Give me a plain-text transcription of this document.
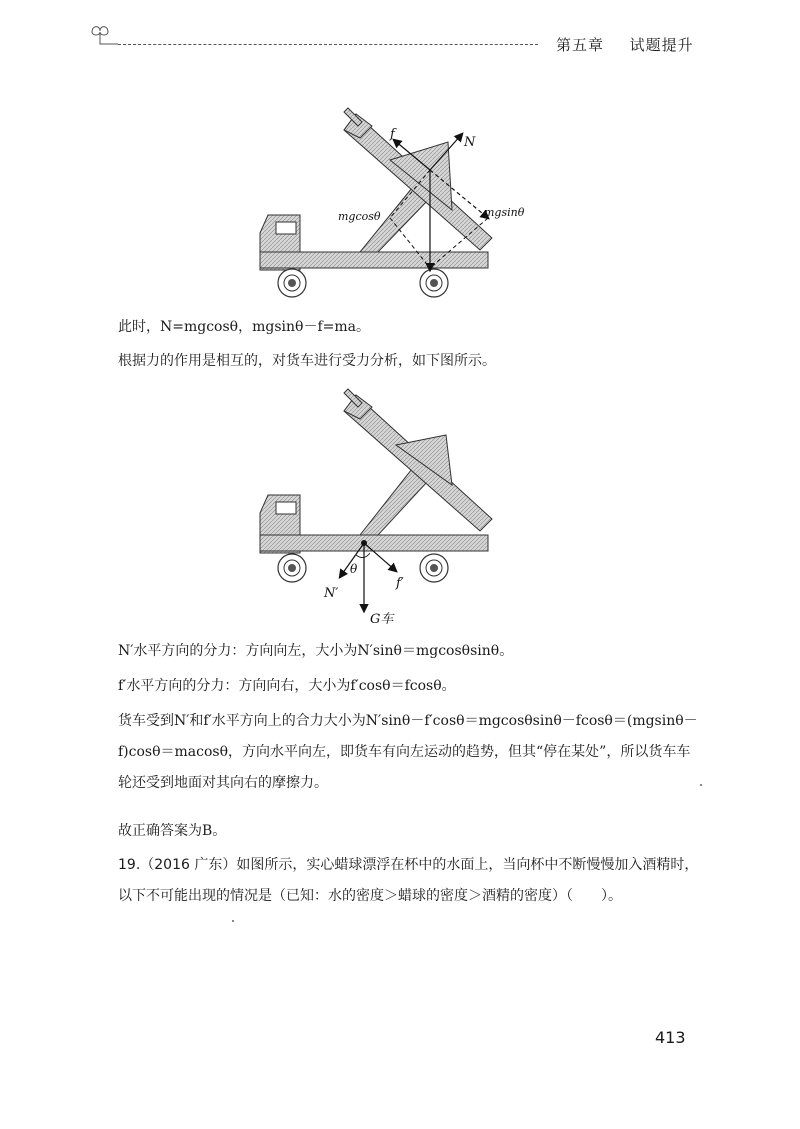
第五章 试题提升
f
N
mgcosθ	mgsinθ
此时，N=mgcosθ，mgsinθ－f=ma。
根据力的作用是相互的，对货车进行受力分析，如下图所示。
θ
N′
f′
G车
N′水平方向的分力：方向向左，大小为N′sinθ＝mgcosθsinθ。
f′水平方向的分力：方向向右，大小为f′cosθ＝fcosθ。
货车受到N′和f′水平方向上的合力大小为N′sinθ－f′cosθ＝mgcosθsinθ－fcosθ＝(mgsinθ－f)cosθ＝macosθ，方向水平向左，即货车有向左运动的趋势，但其“停在某处”，所以货车车轮还受到地面对其向右的摩擦力。
故正确答案为B。
19.（2016 广东）如图所示，实心蜡球漂浮在杯中的水面上，当向杯中不断慢慢加入酒精时，以下不可能出现的情况是（已知：水的密度＞蜡球的密度＞酒精的密度）（　　）。
413
